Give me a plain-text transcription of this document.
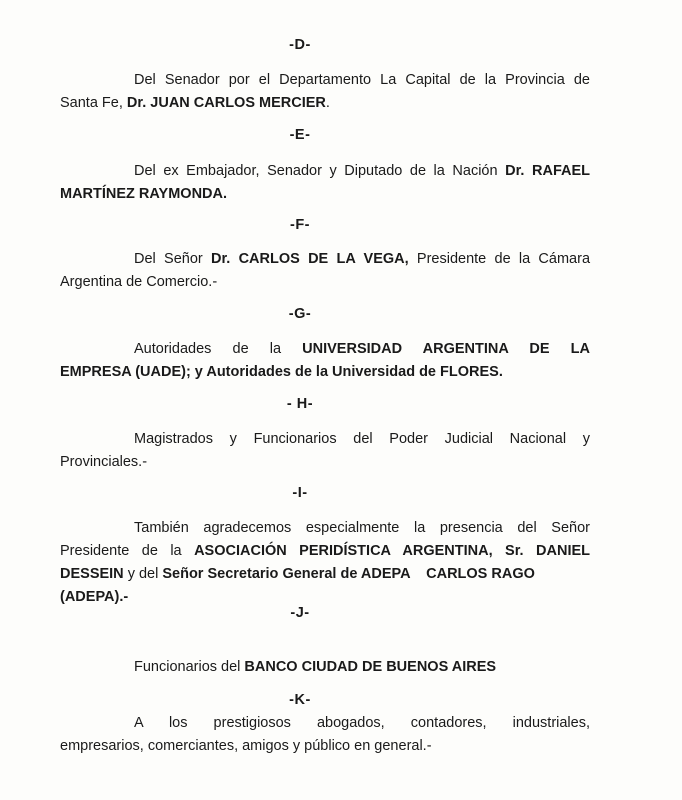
-D-
Del Senador por el Departamento La Capital de la Provincia de
Santa Fe, Dr. JUAN CARLOS MERCIER.
-E-
Del ex Embajador, Senador y Diputado de la Nación Dr. RAFAEL
MARTÍNEZ RAYMONDA.
-F-
Del Señor Dr. CARLOS DE LA VEGA, Presidente de la Cámara
Argentina de Comercio.-
-G-
Autoridades de la UNIVERSIDAD ARGENTINA DE LA
EMPRESA (UADE); y Autoridades de la Universidad de FLORES.
- H-
Magistrados y Funcionarios del Poder Judicial Nacional y
Provinciales.-
-I-
También agradecemos especialmente la presencia del Señor
Presidente de la ASOCIACIÓN PERIDÍSTICA ARGENTINA, Sr. DANIEL
DESSEIN y del Señor Secretario General de ADEPA    CARLOS RAGO
(ADEPA).-
-J-
Funcionarios del BANCO CIUDAD DE BUENOS AIRES
-K-
A los prestigiosos abogados, contadores, industriales,
empresarios, comerciantes, amigos y público en general.-
